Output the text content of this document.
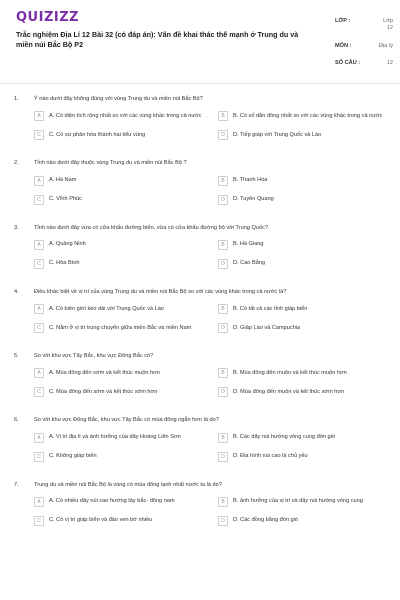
QUIZIZZ
Trắc nghiệm Địa Lí 12 Bài 32 (có đáp án): Vấn đề khai thác thế mạnh ở Trung du và miền núi Bắc Bộ P2
LỚP :	Lớp 12
MÔN :	Địa lý
SỐ CÂU :	12
1.	Ý nào dưới đây không đúng với vùng Trung du và miền núi Bắc Bộ?
A	A. Có diện tích rộng nhất so với các vùng khác trong cả nước	B	B. Có số dân đông nhất so với các vùng khác trong cả nước
C	C. Có sự phân hóa thành hai tiểu vùng	D	D. Tiếp giáp với Trung Quốc và Lào
2.	Tỉnh nào dưới đây thuộc vùng Trung du và miền núi Bắc Bộ ?
A	A. Hà Nam	B	B. Thanh Hóa
C	C. Vĩnh Phúc	D	D. Tuyên Quang
3.	Tỉnh nào dưới đây vừa có cửa khẩu đường biển, vừa có cửa khẩu đường bộ với Trung Quốc?
A	A. Quảng Ninh	B	B. Hà Giang
C	C. Hòa Bình	D	D. Cao Bằng
4.	Điều khác biệt về vị trí của vùng Trung du và miền núi Bắc Bộ so với các vùng khác trong cả nước là?
A	A. Có biên giới kéo dài với Trung Quốc và Lào	B	B. Có tất cả các tỉnh giáp biển
C	C. Nằm ở vị trí trung chuyển giữa miền Bắc và miền Nam	D	D. Giáp Lào và Campuchia
5.	So với khu vực Tây Bắc, khu vực Đông Bắc có?
A	A. Mùa đông đến sớm và kết thúc muộn hơn	B	B. Mùa đông đến muộn và kết thúc muộn hơn
C	C. Mùa đông đến sớm và kết thúc sớm hơn	D	D. Mùa đông đến muộn và kết thúc sớm hơn
6.	So với khu vực Đông Bắc, khu vực Tây Bắc có mùa đông ngắn hơn là do?
A	A. Vị trí địa lí và ảnh hưởng của dãy Hoàng Liên Sơn	B	B. Các dãy núi hướng vòng cung đón gió
C	C. Không giáp biển	D	D. Địa hình núi cao là chủ yếu
7.	Trung du và miền núi Bắc Bộ là vùng có mùa đông lạnh nhất nước ta là do?
A	A. Có nhiều dãy núi cao hướng tây bắc- đông nam	B	B. ảnh hưởng của vị trí và dãy núi hướng vòng cung
C	C. Có vị trí giáp biển và đảo ven bờ nhiều	D	D. Các đồng bằng đón gió
